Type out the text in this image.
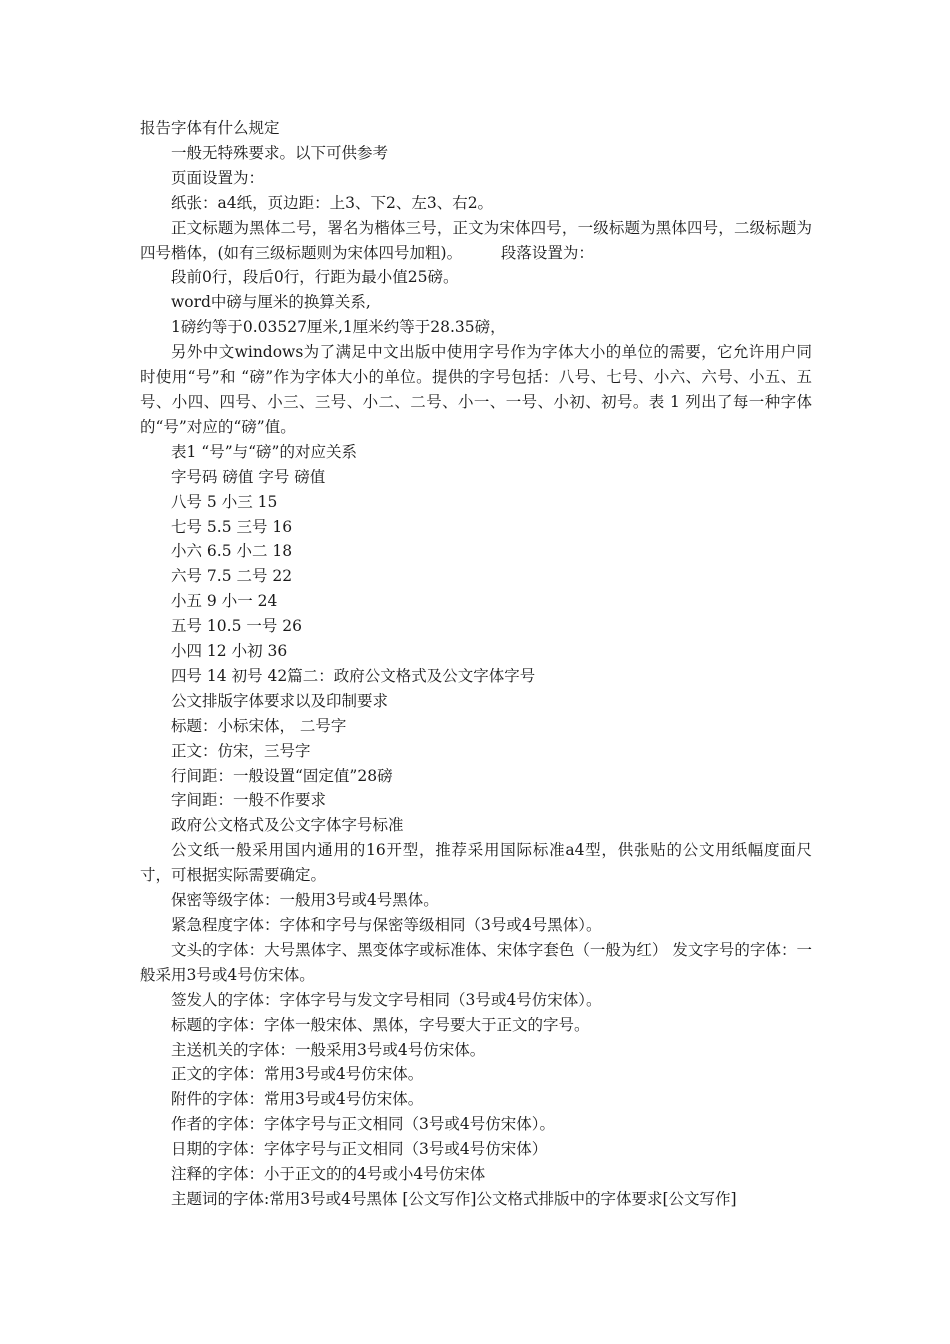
报告字体有什么规定

一般无特殊要求。以下可供参考

页面设置为：

纸张：a4纸，页边距：上3、下2、左3、右2。

正文标题为黑体二号，署名为楷体三号，正文为宋体四号，一级标题为黑体四号，二级标题为四号楷体，(如有三级标题则为宋体四号加粗)。　　　段落设置为：

段前0行，段后0行，行距为最小值25磅。

word中磅与厘米的换算关系,

1磅约等于0.03527厘米,1厘米约等于28.35磅，

另外中文windows为了满足中文出版中使用字号作为字体大小的单位的需要，它允许用户同时使用“号”和 “磅”作为字体大小的单位。提供的字号包括：八号、七号、小六、六号、小五、五号、小四、四号、小三、三号、小二、二号、小一、一号、小初、初号。表 1 列出了每一种字体的“号”对应的“磅”值。

表1 “号”与“磅”的对应关系

字号码 磅值 字号 磅值

八号 5 小三 15

七号 5.5 三号 16

小六 6.5 小二 18

六号 7.5 二号 22

小五 9 小一 24

五号 10.5 一号 26

小四 12 小初 36

四号 14 初号 42篇二：政府公文格式及公文字体字号

公文排版字体要求以及印制要求

标题：小标宋体， 二号字

正文：仿宋，三号字

行间距：一般设置“固定值”28磅

字间距：一般不作要求

政府公文格式及公文字体字号标准

公文纸一般采用国内通用的16开型，推荐采用国际标准a4型，供张贴的公文用纸幅度面尺寸，可根据实际需要确定。

保密等级字体：一般用3号或4号黑体。

紧急程度字体：字体和字号与保密等级相同（3号或4号黑体）。

文头的字体：大号黑体字、黑变体字或标准体、宋体字套色（一般为红） 发文字号的字体：一般采用3号或4号仿宋体。

签发人的字体：字体字号与发文字号相同（3号或4号仿宋体）。

标题的字体：字体一般宋体、黑体，字号要大于正文的字号。

主送机关的字体：一般采用3号或4号仿宋体。

正文的字体：常用3号或4号仿宋体。

附件的字体：常用3号或4号仿宋体。

作者的字体：字体字号与正文相同（3号或4号仿宋体）。

日期的字体：字体字号与正文相同（3号或4号仿宋体）

注释的字体：小于正文的的4号或小4号仿宋体

主题词的字体:常用3号或4号黑体 [公文写作]公文格式排版中的字体要求[公文写作]
